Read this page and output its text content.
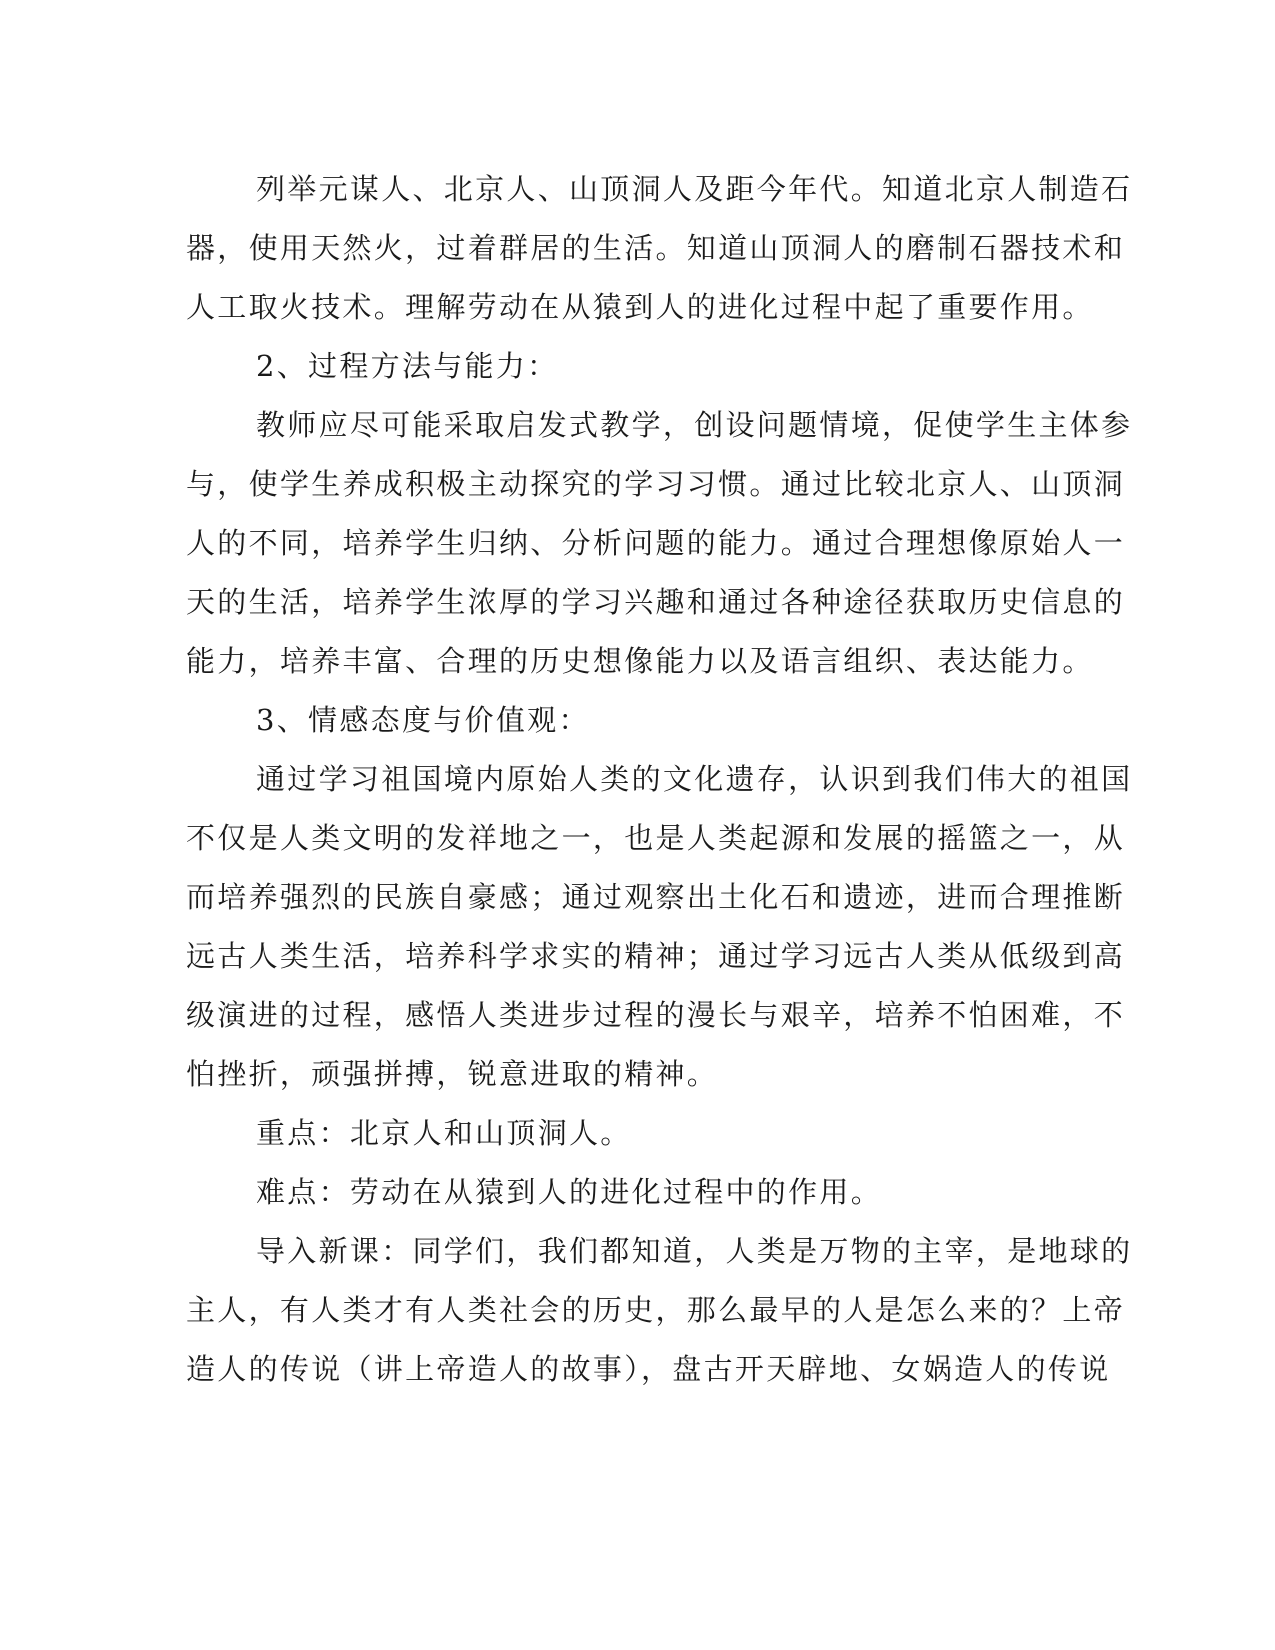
列举元谋人、北京人、山顶洞人及距今年代。知道北京人制造石
器，使用天然火，过着群居的生活。知道山顶洞人的磨制石器技术和
人工取火技术。理解劳动在从猿到人的进化过程中起了重要作用。
2、过程方法与能力：
教师应尽可能采取启发式教学，创设问题情境，促使学生主体参
与，使学生养成积极主动探究的学习习惯。通过比较北京人、山顶洞
人的不同，培养学生归纳、分析问题的能力。通过合理想像原始人一
天的生活，培养学生浓厚的学习兴趣和通过各种途径获取历史信息的
能力，培养丰富、合理的历史想像能力以及语言组织、表达能力。
3、情感态度与价值观：
通过学习祖国境内原始人类的文化遗存，认识到我们伟大的祖国
不仅是人类文明的发祥地之一，也是人类起源和发展的摇篮之一，从
而培养强烈的民族自豪感；通过观察出土化石和遗迹，进而合理推断
远古人类生活，培养科学求实的精神；通过学习远古人类从低级到高
级演进的过程，感悟人类进步过程的漫长与艰辛，培养不怕困难，不
怕挫折，顽强拼搏，锐意进取的精神。
重点：北京人和山顶洞人。
难点：劳动在从猿到人的进化过程中的作用。
导入新课：同学们，我们都知道，人类是万物的主宰，是地球的
主人，有人类才有人类社会的历史，那么最早的人是怎么来的？上帝
造人的传说（讲上帝造人的故事），盘古开天辟地、女娲造人的传说
